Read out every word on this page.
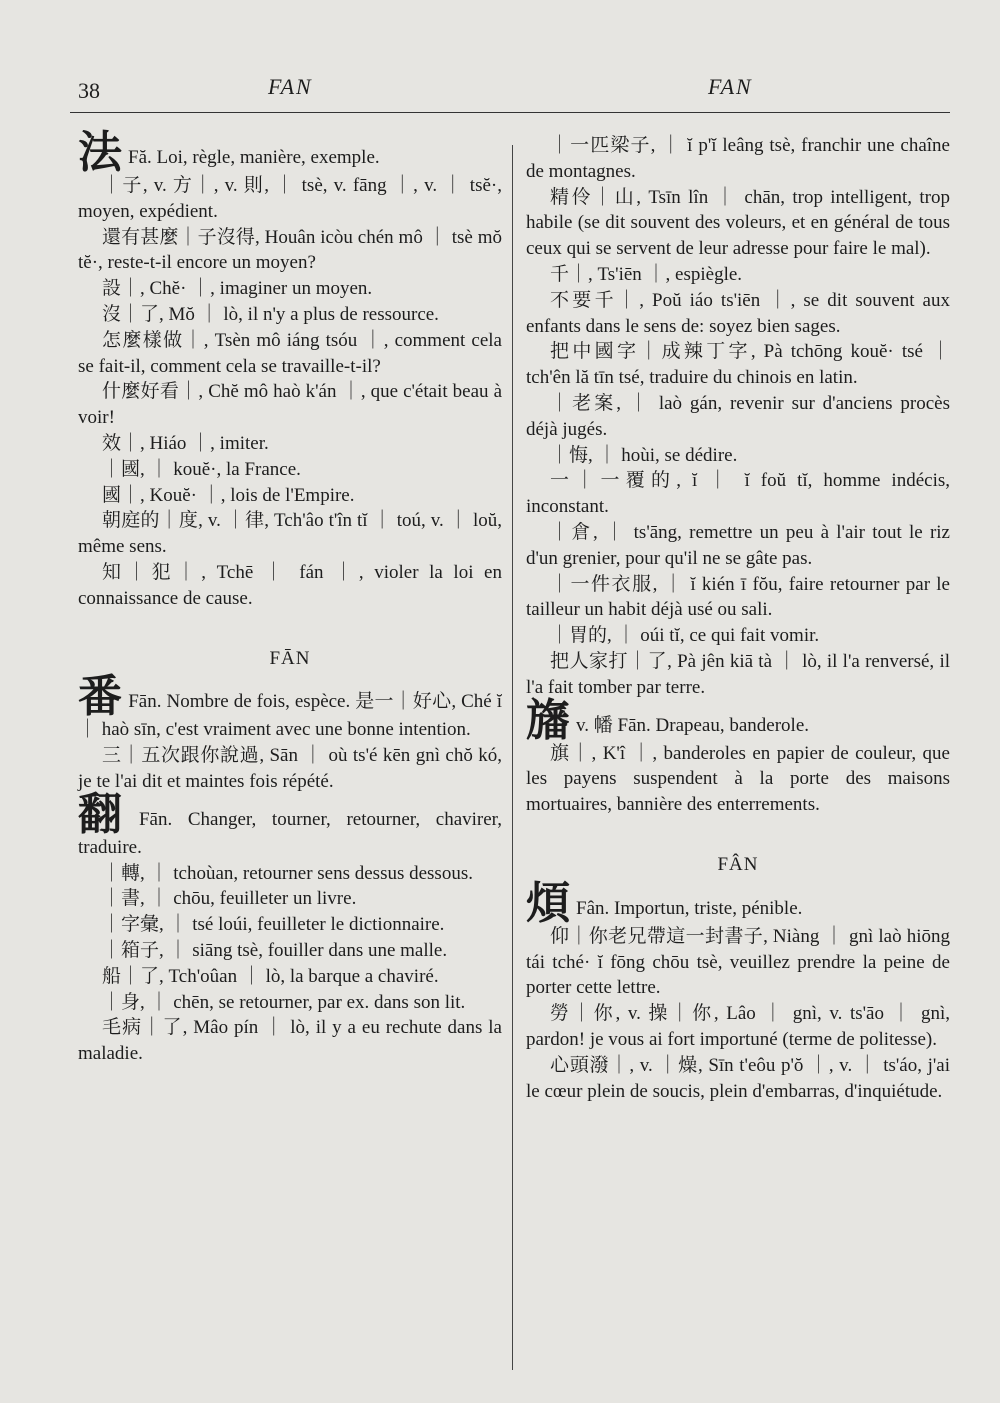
38	FAN	FAN
法 Fă. Loi, règle, manière, exemple.
｜子, v. 方｜, v. 則, ｜ tsè, v. fāng ｜, v. ｜ tsĕ·, moyen, expédient.
還有甚麼｜子沒得, Houân icòu chén mô ｜ tsè mŏ tĕ·, reste-t-il encore un moyen?
設｜, Chĕ· ｜, imaginer un moyen.
沒｜了, Mŏ ｜ lò, il n'y a plus de ressource.
怎麼樣做｜, Tsèn mô iáng tsóu ｜, comment cela se fait-il, comment cela se travaille-t-il?
什麼好看｜, Chĕ mô haò k'án ｜, que c'était beau à voir!
效｜, Hiáo ｜, imiter.
｜國, ｜ kouĕ·, la France.
國｜, Kouĕ· ｜, lois de l'Empire.
朝庭的｜度, v. ｜律, Tch'âo t'în tĭ ｜ toú, v. ｜ loŭ, même sens.
知｜犯｜, Tchē ｜ fán ｜, violer la loi en connaissance de cause.
FĀN
番 Fān. Nombre de fois, espèce. 是一｜好心, Ché ĭ ｜ haò sīn, c'est vraiment avec une bonne intention.
三｜五次跟你說過, Sān ｜ où ts'é kēn gnì chŏ kó, je te l'ai dit et maintes fois répété.
翻 Fān. Changer, tourner, retourner, chavirer, traduire.
｜轉, ｜ tchoùan, retourner sens dessus dessous.
｜書, ｜ chōu, feuilleter un livre.
｜字彙, ｜ tsé loúi, feuilleter le dictionnaire.
｜箱子, ｜ siāng tsè, fouiller dans une malle.
船｜了, Tch'oûan ｜ lò, la barque a chaviré.
｜身, ｜ chēn, se retourner, par ex. dans son lit.
毛病｜了, Mâo pín ｜ lò, il y a eu rechute dans la maladie.
｜一匹梁子, ｜ ĭ p'ĭ leâng tsè, franchir une chaîne de montagnes.
精伶｜山, Tsīn lîn ｜ chān, trop intelligent, trop habile (se dit souvent des voleurs, et en général de tous ceux qui se servent de leur adresse pour faire le mal).
千｜, Ts'iēn ｜, espiègle.
不要千｜, Poŭ iáo ts'iēn ｜, se dit souvent aux enfants dans le sens de: soyez bien sages.
把中國字｜成辣丁字, Pà tchōng kouĕ· tsé ｜ tch'ên lă tīn tsé, traduire du chinois en latin.
｜老案, ｜ laò gán, revenir sur d'anciens procès déjà jugés.
｜悔, ｜ hoùi, se dédire.
一｜一覆的, ĭ ｜ ĭ foŭ tĭ, homme indécis, inconstant.
｜倉, ｜ ts'āng, remettre un peu à l'air tout le riz d'un grenier, pour qu'il ne se gâte pas.
｜一件衣服, ｜ ĭ kién ī fŏu, faire retourner par le tailleur un habit déjà usé ou sali.
｜胃的, ｜ oúi tĭ, ce qui fait vomir.
把人家打｜了, Pà jên kiā tà ｜ lò, il l'a renversé, il l'a fait tomber par terre.
旛v. 幡 Fān. Drapeau, banderole.
旗｜, K'î ｜, banderoles en papier de couleur, que les payens suspendent à la porte des maisons mortuaires, bannière des enterrements.
FÂN
煩 Fân. Importun, triste, pénible.
仰｜你老兄帶這一封書子, Niàng ｜ gnì laò hiōng tái tché· ĭ fōng chōu tsè, veuillez prendre la peine de porter cette lettre.
勞｜你, v. 操｜你, Lâo ｜ gnì, v. ts'āo ｜ gnì, pardon! je vous ai fort importuné (terme de politesse).
心頭潑｜, v. ｜燥, Sīn t'eôu p'ŏ ｜, v. ｜ ts'áo, j'ai le cœur plein de soucis, plein d'embarras, d'inquiétude.
